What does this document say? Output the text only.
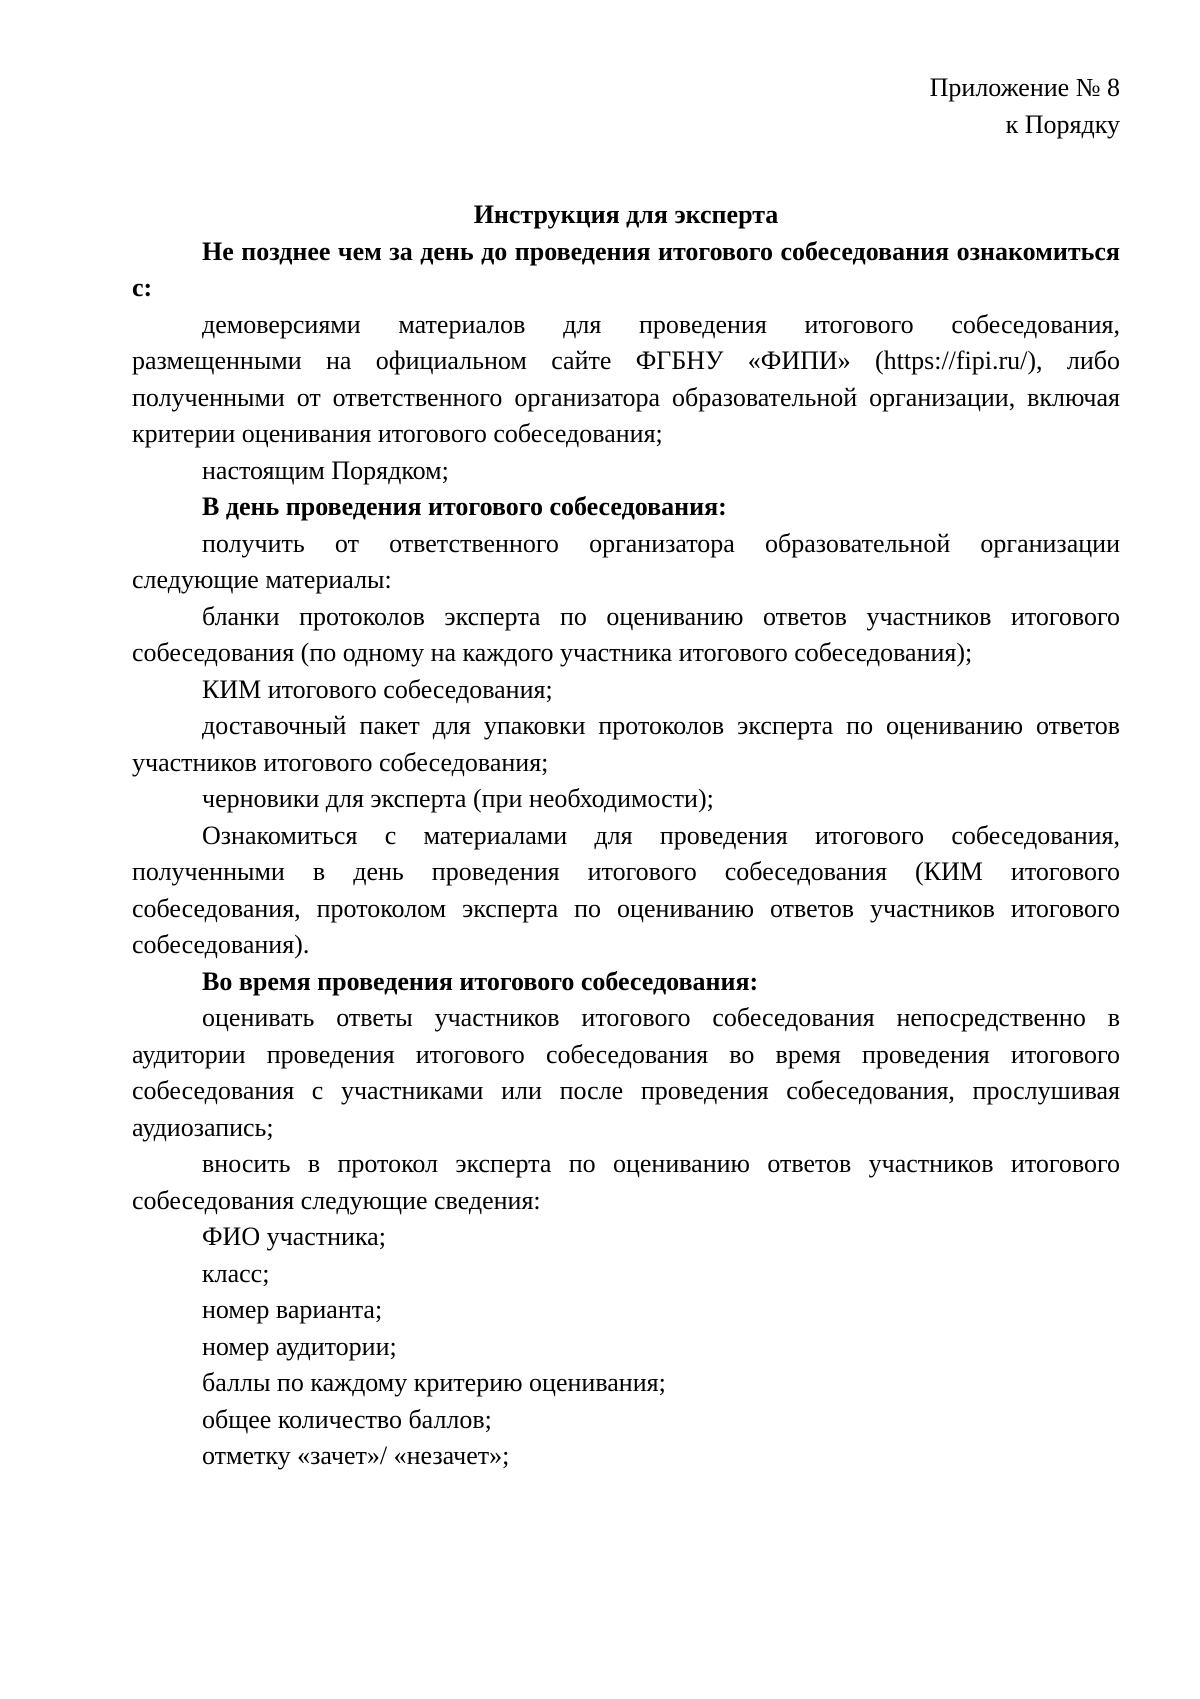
Приложение № 8
к Порядку
Инструкция для эксперта

Не позднее чем за день до проведения итогового собеседования ознакомиться с:

демоверсиями материалов для проведения итогового собеседования, размещенными на официальном сайте ФГБНУ «ФИПИ» (https://fipi.ru/), либо полученными от ответственного организатора образовательной организации, включая критерии оценивания итогового собеседования;

настоящим Порядком;

В день проведения итогового собеседования:

получить от ответственного организатора образовательной организации следующие материалы:

бланки протоколов эксперта по оцениванию ответов участников итогового собеседования (по одному на каждого участника итогового собеседования);

КИМ итогового собеседования;

доставочный пакет для упаковки протоколов эксперта по оцениванию ответов участников итогового собеседования;

черновики для эксперта (при необходимости);

Ознакомиться с материалами для проведения итогового собеседования, полученными в день проведения итогового собеседования (КИМ итогового собеседования, протоколом эксперта по оцениванию ответов участников итогового собеседования).

Во время проведения итогового собеседования:

оценивать ответы участников итогового собеседования непосредственно в аудитории проведения итогового собеседования во время проведения итогового собеседования с участниками или после проведения собеседования, прослушивая аудиозапись;

вносить в протокол эксперта по оцениванию ответов участников итогового собеседования следующие сведения:

ФИО участника;

класс;

номер варианта;

номер аудитории;

баллы по каждому критерию оценивания;

общее количество баллов;

отметку «зачет»/ «незачет»;
